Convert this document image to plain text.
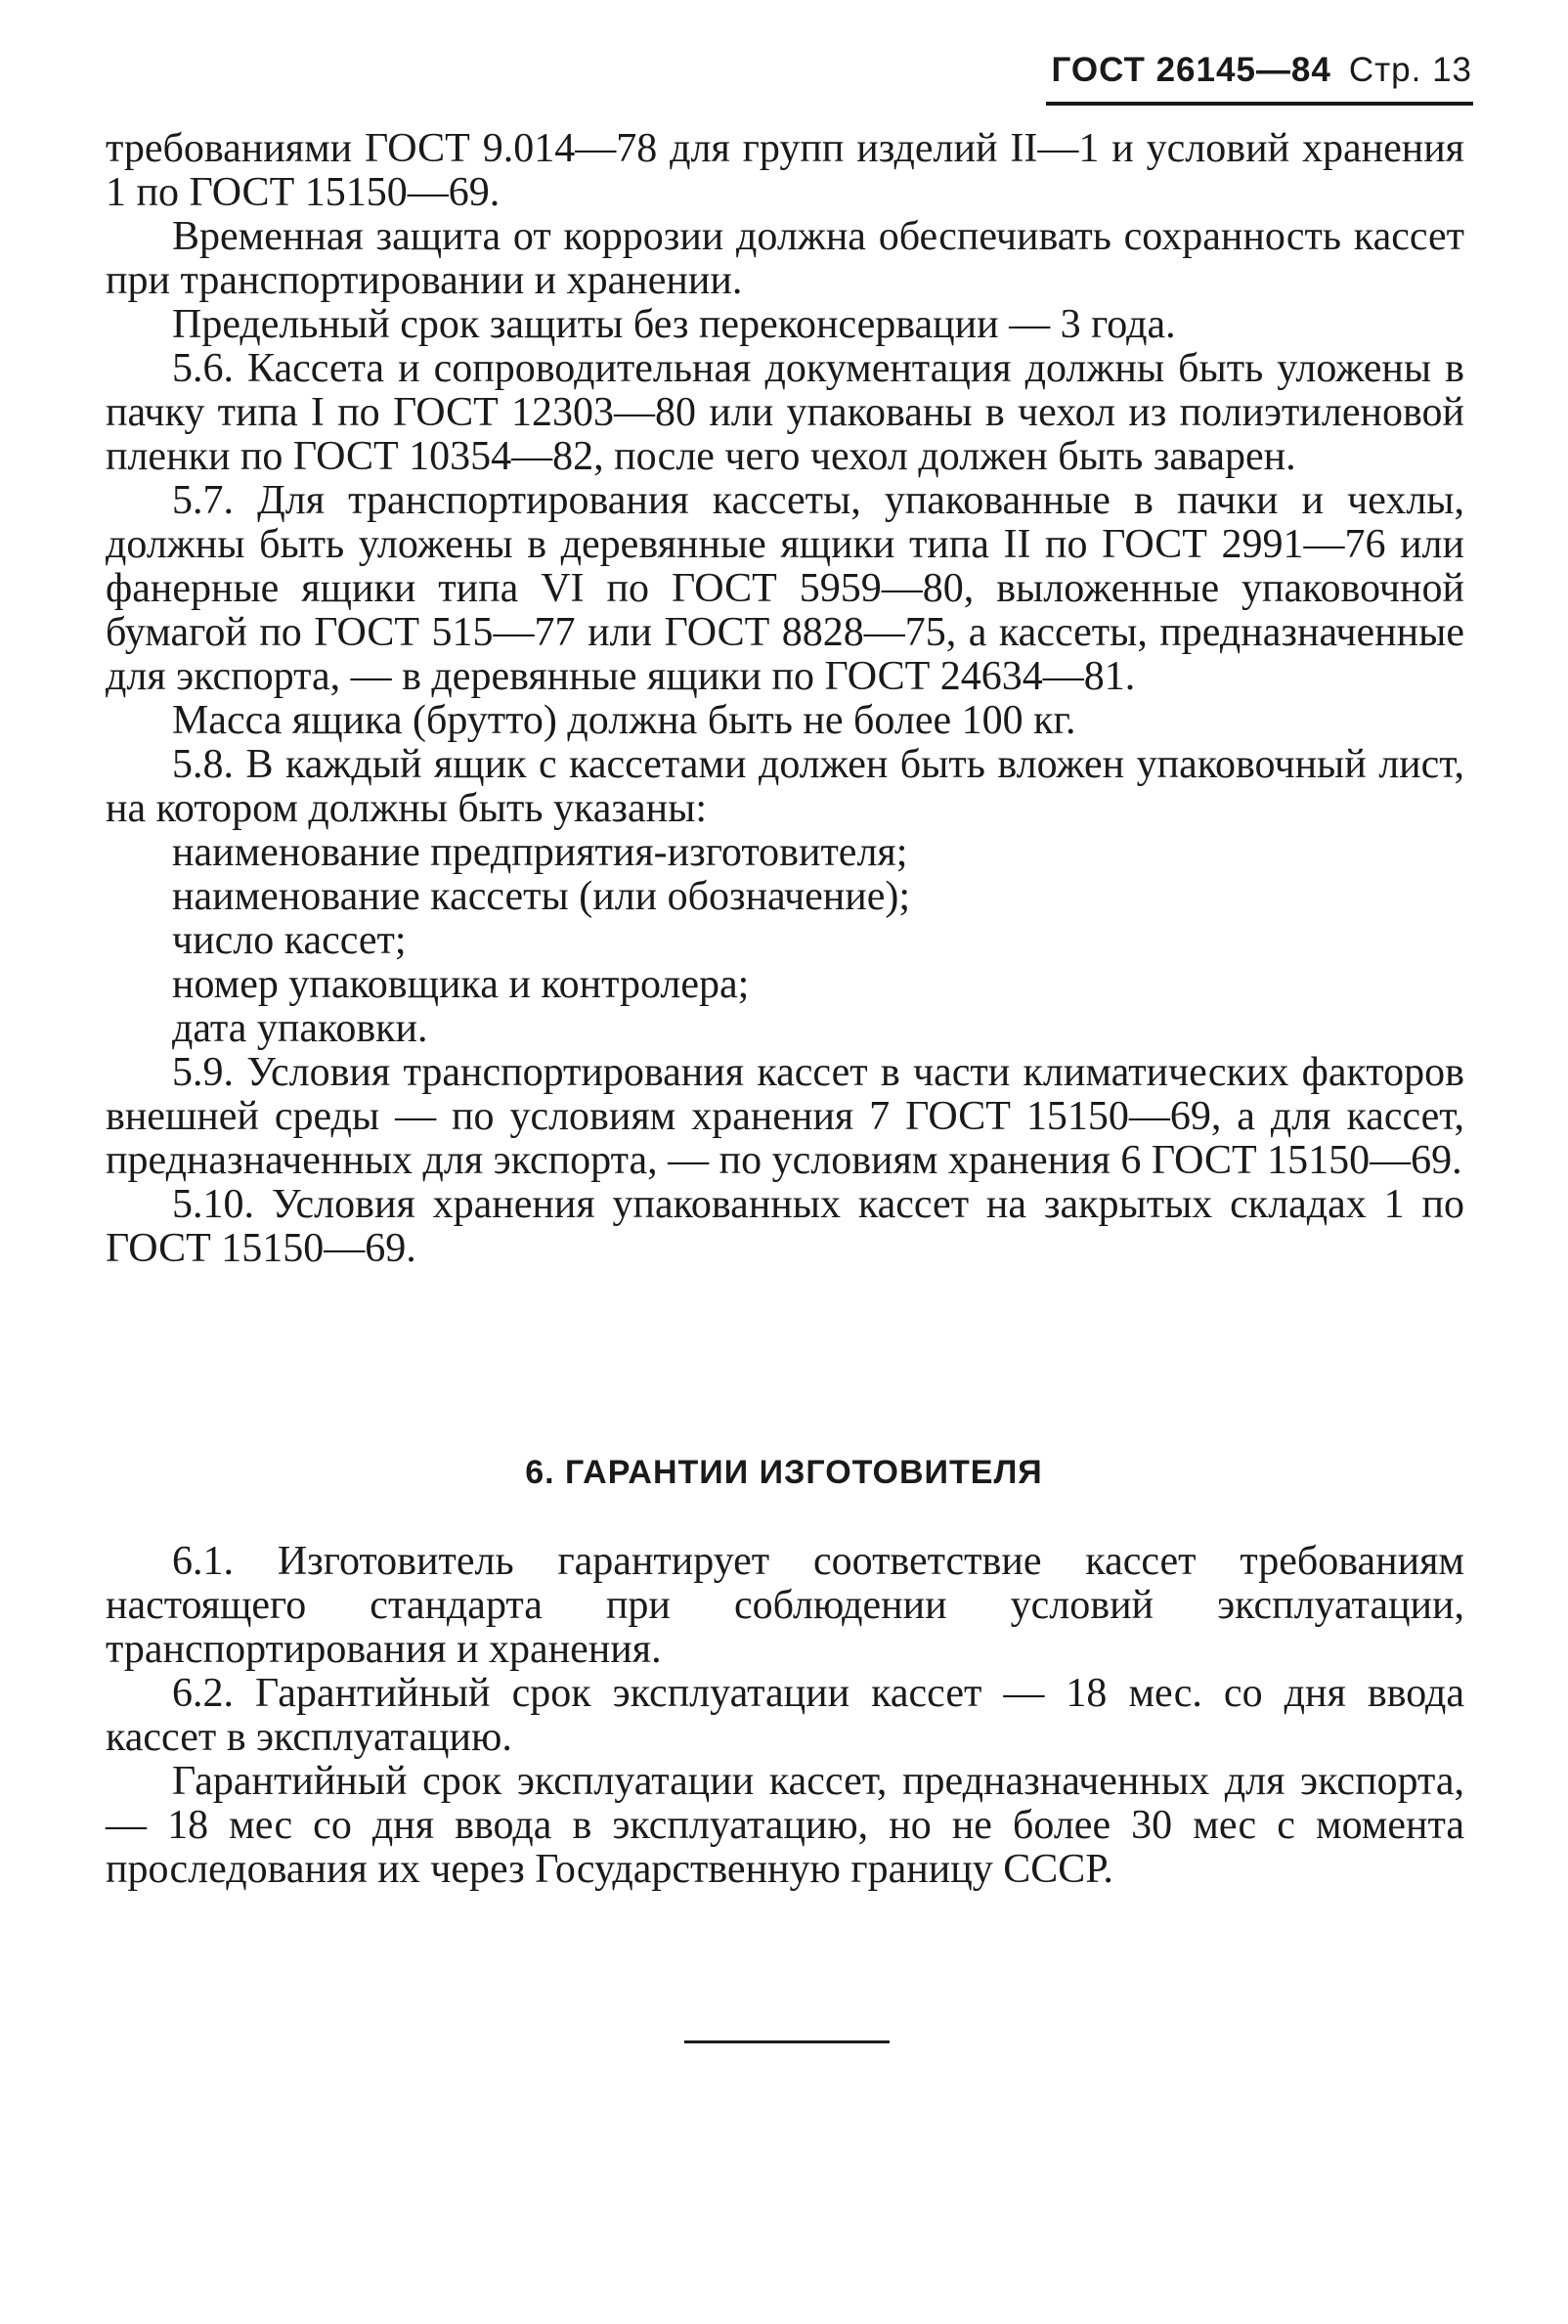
ГОСТ 26145—84 Стр. 13

требованиями ГОСТ 9.014—78 для групп изделий II—1 и условий хранения 1 по ГОСТ 15150—69.

Временная защита от коррозии должна обеспечивать сохранность кассет при транспортировании и хранении.

Предельный срок защиты без переконсервации — 3 года.

5.6. Кассета и сопроводительная документация должны быть уложены в пачку типа I по ГОСТ 12303—80 или упакованы в чехол из полиэтиленовой пленки по ГОСТ 10354—82, после чего чехол должен быть заварен.

5.7. Для транспортирования кассеты, упакованные в пачки и чехлы, должны быть уложены в деревянные ящики типа II по ГОСТ 2991—76 или фанерные ящики типа VI по ГОСТ 5959—80, выложенные упаковочной бумагой по ГОСТ 515—77 или ГОСТ 8828—75, а кассеты, предназначенные для экспорта, — в деревянные ящики по ГОСТ 24634—81.

Масса ящика (брутто) должна быть не более 100 кг.

5.8. В каждый ящик с кассетами должен быть вложен упаковочный лист, на котором должны быть указаны:

наименование предприятия-изготовителя;

наименование кассеты (или обозначение);

число кассет;

номер упаковщика и контролера;

дата упаковки.

5.9. Условия транспортирования кассет в части климатических факторов внешней среды — по условиям хранения 7 ГОСТ 15150—69, а для кассет, предназначенных для экспорта, — по условиям хранения 6 ГОСТ 15150—69.

5.10. Условия хранения упакованных кассет на закрытых складах 1 по ГОСТ 15150—69.

6. ГАРАНТИИ ИЗГОТОВИТЕЛЯ

6.1. Изготовитель гарантирует соответствие кассет требованиям настоящего стандарта при соблюдении условий эксплуатации, транспортирования и хранения.

6.2. Гарантийный срок эксплуатации кассет — 18 мес. со дня ввода кассет в эксплуатацию.

Гарантийный срок эксплуатации кассет, предназначенных для экспорта, — 18 мес со дня ввода в эксплуатацию, но не более 30 мес с момента проследования их через Государственную границу СССР.
